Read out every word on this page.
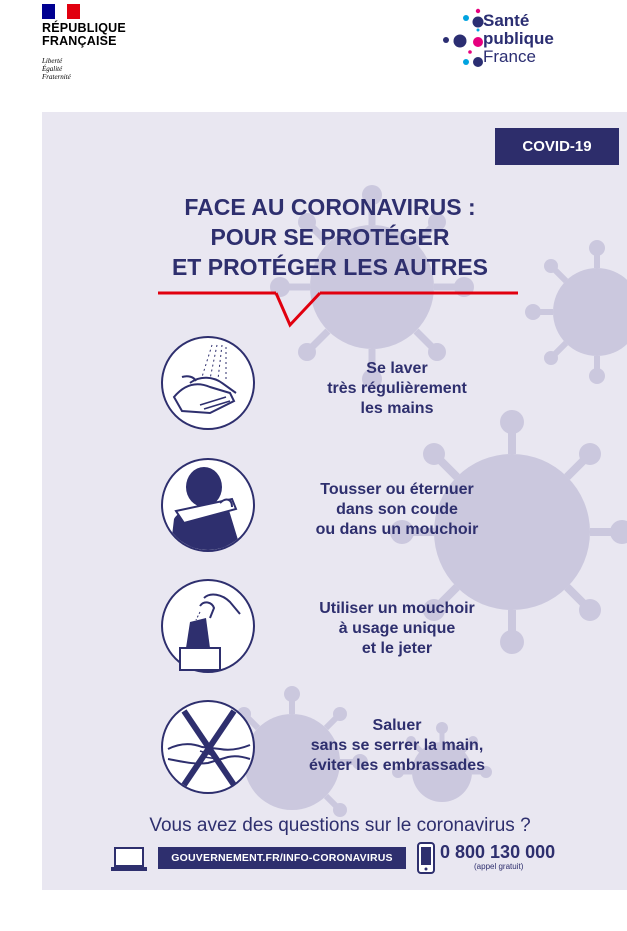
RÉPUBLIQUE
FRANÇAISE
Liberté
Égalité
Fraternité
Santé
publique
France
COVID-19
FACE AU CORONAVIRUS :
POUR SE PROTÉGER
ET PROTÉGER LES AUTRES
Se laver
très régulièrement
les mains
Tousser ou éternuer
dans son coude
ou dans un mouchoir
Utiliser un mouchoir
à usage unique
et le jeter
Saluer
sans se serrer la main,
éviter les embrassades
Vous avez des questions sur le coronavirus ?
GOUVERNEMENT.FR/INFO-CORONAVIRUS	0 800 130 000
(appel gratuit)
